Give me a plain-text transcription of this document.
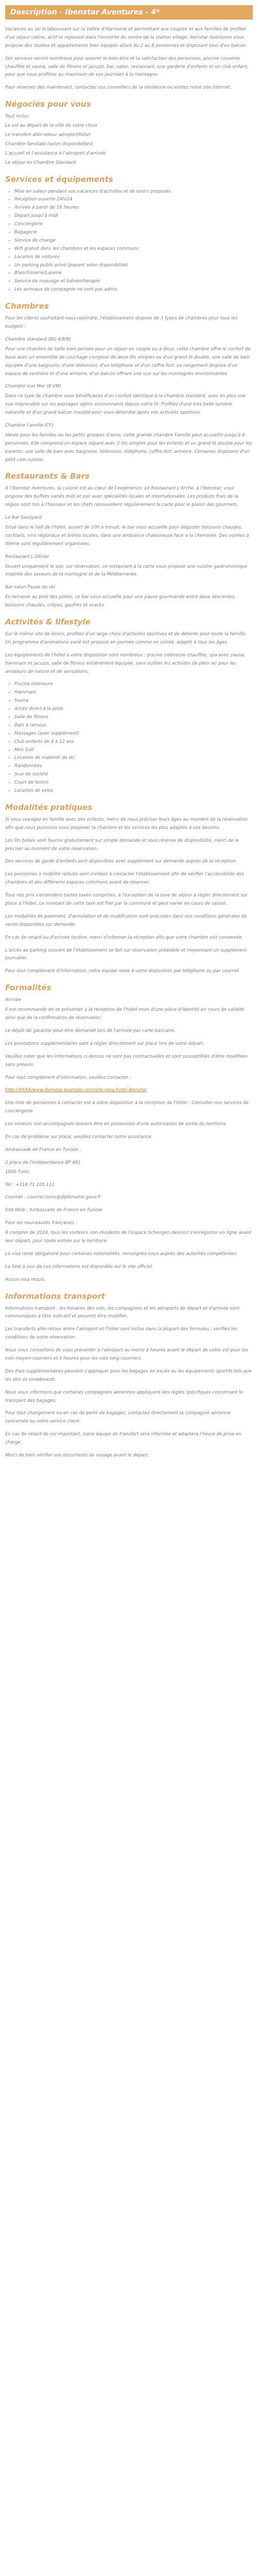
Description - Ibenstar Aventures - 4*

Vacances au ski éclaboussant sur la Vallée d'Harmonie et permettant aux couples et aux familles de profiter d'un séjour calme, actif et reposant dans l'enceinte du centre de la station village, Ibenstar Aventures vous propose des studios et appartements bien équipés allant du 2 au 8 personnes et disposant tous d'un balcon.

Ses services seront nombreux pour assurer le bien-être et la satisfaction des personnes, piscine couverte chauffée et sauna, salle de fitness et jacuzzi, bar, salon, restaurant, une garderie d'enfants et un club enfant, pour que vous profitiez au maximum de vos journées à la montagne.

Pour réservez dès maintenant, contactez vos conseillers de la résidence ou visitez notre site internet.

Négociés pour vous

Tout inclus

Le vol au départ de la ville de votre choix

Le transfert aller-retour aéroport/hôtel

Chambre familiale (selon disponibilités)

L'accueil et l'assistance à l'aéroport d'arrivée

Le séjour en Chambre Standard

Services et équipements
• Mise en valeur pendant vos vacances d'activités et de loisirs proposés
• Réception ouverte 24h/24
• Arrivée à partir de 16 heures
• Départ jusqu'à midi
• Conciergerie
• Bagagerie
• Service de change
• Wifi gratuit dans les chambres et les espaces communs
• Location de voitures
• Un parking public privé (payant selon disponibilité)
• Blanchisserie/Laverie
• Service de massage et balnéothérapie
• Les animaux de compagnie ne sont pas admis
Chambres

Pour les clients souhaitant nous rejoindre, l'établissement dispose de 3 types de chambres pour tous les budgets :

Chambre standard (BO 4/8/8)

Pour une chambre de taille bien pensée pour un séjour en couple ou à deux, cette chambre offre le confort de base avec un ensemble de couchage composé de deux lits simples ou d'un grand lit double, une salle de bain équipée d'une baignoire, d'une télévision, d'un téléphone et d'un coffre-fort. Le rangement dispose d'un espace de vestiaire et d'une armoire, d'un balcon offrant une vue sur les montagnes environnantes.

Chambre Vue Mer (8 VM)

Dans ce type de chambre vous bénéficierez d'un confort identique à la chambre standard, avec en plus une vue imprenable sur les paysages alpins environnants depuis votre lit. Profitez d'une très belle lumière naturelle et d'un grand balcon meublé pour vous détendre après vos activités sportives.

Chambre Famille (CF)

Idéale pour les familles ou les petits groupes d'amis, cette grande chambre Famille peut accueillir jusqu'à 4 personnes. Elle comprend un espace séparé avec 2 lits simples pour les enfants et un grand lit double pour les parents, une salle de bain avec baignoire, télévision, téléphone, coffre-fort, armoire. Certaines disposent d'un petit coin cuisine.

Restaurants & Bars

À l'Ibenstar Aventures, la cuisine est au cœur de l'expérience. Le Restaurant L'Arche, à l'Ibenstar, vous propose des buffets variés midi et soir avec spécialités locales et internationales. Les produits frais de la région sont mis à l'honneur et les chefs renouvellent régulièrement la carte pour le plaisir des gourmets.

Le Bar Savoyard

Situé dans le hall de l'hôtel, ouvert de 10h à minuit, le bar vous accueille pour déguster boissons chaudes, cocktails, vins régionaux et bières locales, dans une ambiance chaleureuse face à la cheminée. Des soirées à thème sont régulièrement organisées.

Restaurant L'Olivier

Ouvert uniquement le soir, sur réservation, ce restaurant à la carte vous propose une cuisine gastronomique inspirée des saveurs de la montagne et de la Méditerranée.

Bar salon Pause du ski

En terrasse au pied des pistes, ce bar vous accueille pour une pause gourmande entre deux descentes, boissons chaudes, crêpes, gaufres et snacks.

Activités & lifestyle

Sur le même site de loisirs, profitez d'un large choix d'activités sportives et de détente pour toute la famille. Un programme d'animations varié est proposé en journée comme en soirée, adapté à tous les âges.

Les équipements de l'hôtel à votre disposition sont nombreux : piscine intérieure chauffée, spa avec sauna, hammam et jacuzzi, salle de fitness entièrement équipée, sans oublier les activités de plein air pour les amateurs de nature et de sensations.

• Piscine intérieure
• Hammam
• Sauna
• Accès direct à la piste
• Salle de fitness
• Bain à remous
• Massages (avec supplément)
• Club enfants de 4 à 12 ans
• Mini Golf
• Location de matériel de ski
• Randonnées
• Jeux de société
• Court de tennis
• Location de vélos
Modalités pratiques

Si vous voyagez en famille avec des enfants, merci de nous préciser leurs âges au moment de la réservation afin que nous puissions vous proposer la chambre et les services les plus adaptés à vos besoins.

Les lits bébés sont fournis gratuitement sur simple demande et sous réserve de disponibilité, merci de le préciser au moment de votre réservation.

Des services de garde d'enfants sont disponibles avec supplément sur demande auprès de la réception.

Les personnes à mobilité réduite sont invitées à contacter l'établissement afin de vérifier l'accessibilité des chambres et des différents espaces communs avant de réserver.

Tous nos prix s'entendent toutes taxes comprises, à l'exception de la taxe de séjour à régler directement sur place à l'hôtel. Le montant de cette taxe est fixé par la commune et peut varier en cours de saison.

Les modalités de paiement, d'annulation et de modification sont précisées dans nos conditions générales de vente disponibles sur demande.

En cas de retard ou d'arrivée tardive, merci d'informer la réception afin que votre chambre soit conservée.

L'accès au parking couvert de l'établissement se fait sur réservation préalable et moyennant un supplément journalier.

Pour tout complément d'information, notre équipe reste à votre disposition par téléphone ou par courriel.

Formalités

Arrivée

Il est recommandé de se présenter à la réception de l'hôtel muni d'une pièce d'identité en cours de validité ainsi que de la confirmation de réservation.

Le dépôt de garantie peut être demandé lors de l'arrivée par carte bancaire.

Les prestations supplémentaires sont à régler directement sur place lors de votre départ.

Veuillez noter que les informations ci-dessus ne sont pas contractuelles et sont susceptibles d'être modifiées sans préavis.

Pour tout complément d'information, veuillez contacter :

http://XXXX/www.ibenstar.example.com/site-resa-hotel-ibenstar

Une liste de personnes à contacter est à votre disposition à la réception de l'hôtel : Consulter nos services de conciergerie.

Les mineurs non accompagnés doivent être en possession d'une autorisation de sortie du territoire.

En cas de problème sur place, veuillez contacter notre assistance.

Ambassade de France en Tunisie :

2 place de l'Indépendance BP 491

1000 Tunis

Tel : +216 71 105 111

Courriel : courrier.tunis@diplomatie.gouv.fr

Site Web : Ambassade de France en Tunisie

Pour les nouveautés françaises :

À compter de 2024, tous les visiteurs non-résidents de l'espace Schengen devront s'enregistrer en ligne avant leur départ, pour toute entrée sur le territoire.

La visa reste obligatoire pour certaines nationalités, renseignez-vous auprès des autorités compétentes.

La liste à jour de ces informations est disponible sur le site officiel.

Aucun visa requis.

Informations transport

Informations transport : les horaires des vols, les compagnies et les aéroports de départ et d'arrivée sont communiqués à titre indicatif et peuvent être modifiés.

Les transferts aller-retour entre l'aéroport et l'hôtel sont inclus dans la plupart des formules ; vérifiez les conditions de votre réservation.

Nous vous conseillons de vous présenter à l'aéroport au moins 2 heures avant le départ de votre vol pour les vols moyen-courriers et 3 heures pour les vols long-courriers.

Des frais supplémentaires peuvent s'appliquer pour les bagages en excès ou les équipements sportifs tels que les skis et snowboards.

Nous vous informons que certaines compagnies aériennes appliquent des règles spécifiques concernant le transport des bagages.

Pour tout changement ou en cas de perte de bagages, contactez directement la compagnie aérienne concernée ou notre service client.

En cas de retard de vol important, notre équipe de transfert sera informée et adaptera l'heure de prise en charge.

Merci de bien vérifier vos documents de voyage avant le départ.
